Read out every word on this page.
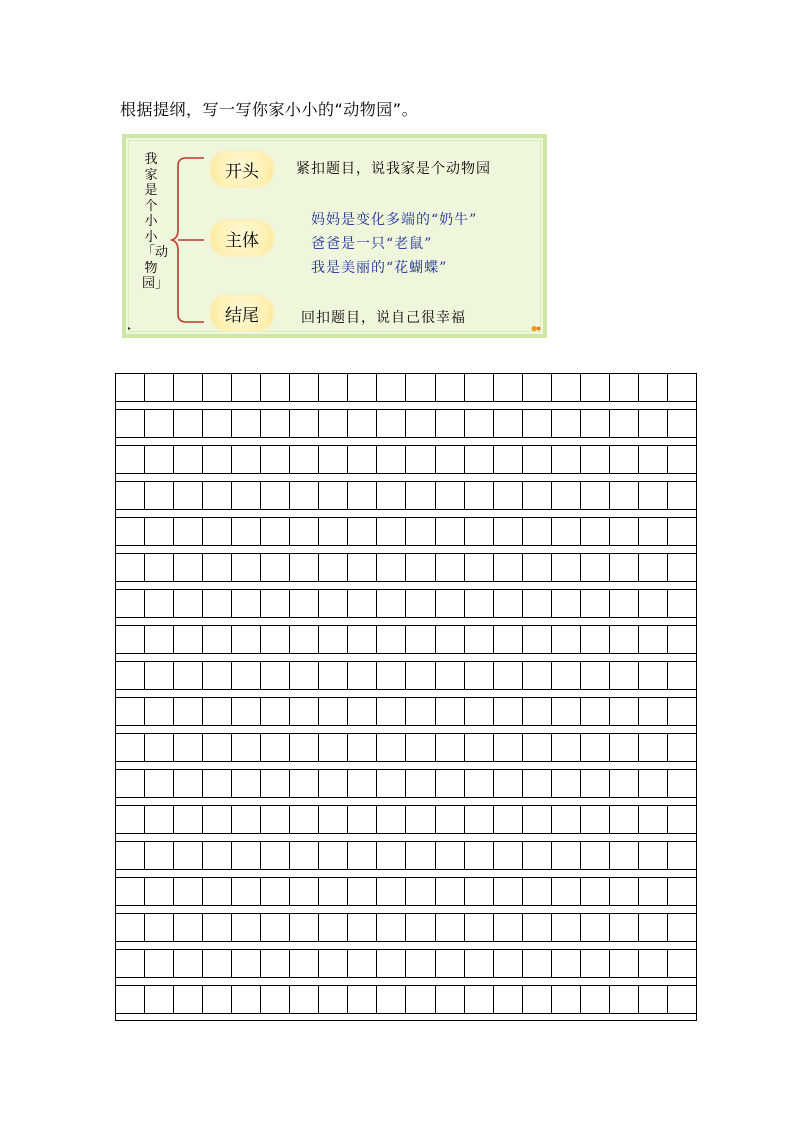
根据提纲，写一写你家小小的“动物园”。
我家是个小小「动物园」
开头
主体
结尾
紧扣题目，说我家是个动物园
妈妈是变化多端的“奶牛”
爸爸是一只“老鼠”
我是美丽的“花蝴蝶”
回扣题目，说自己很幸福
▸
